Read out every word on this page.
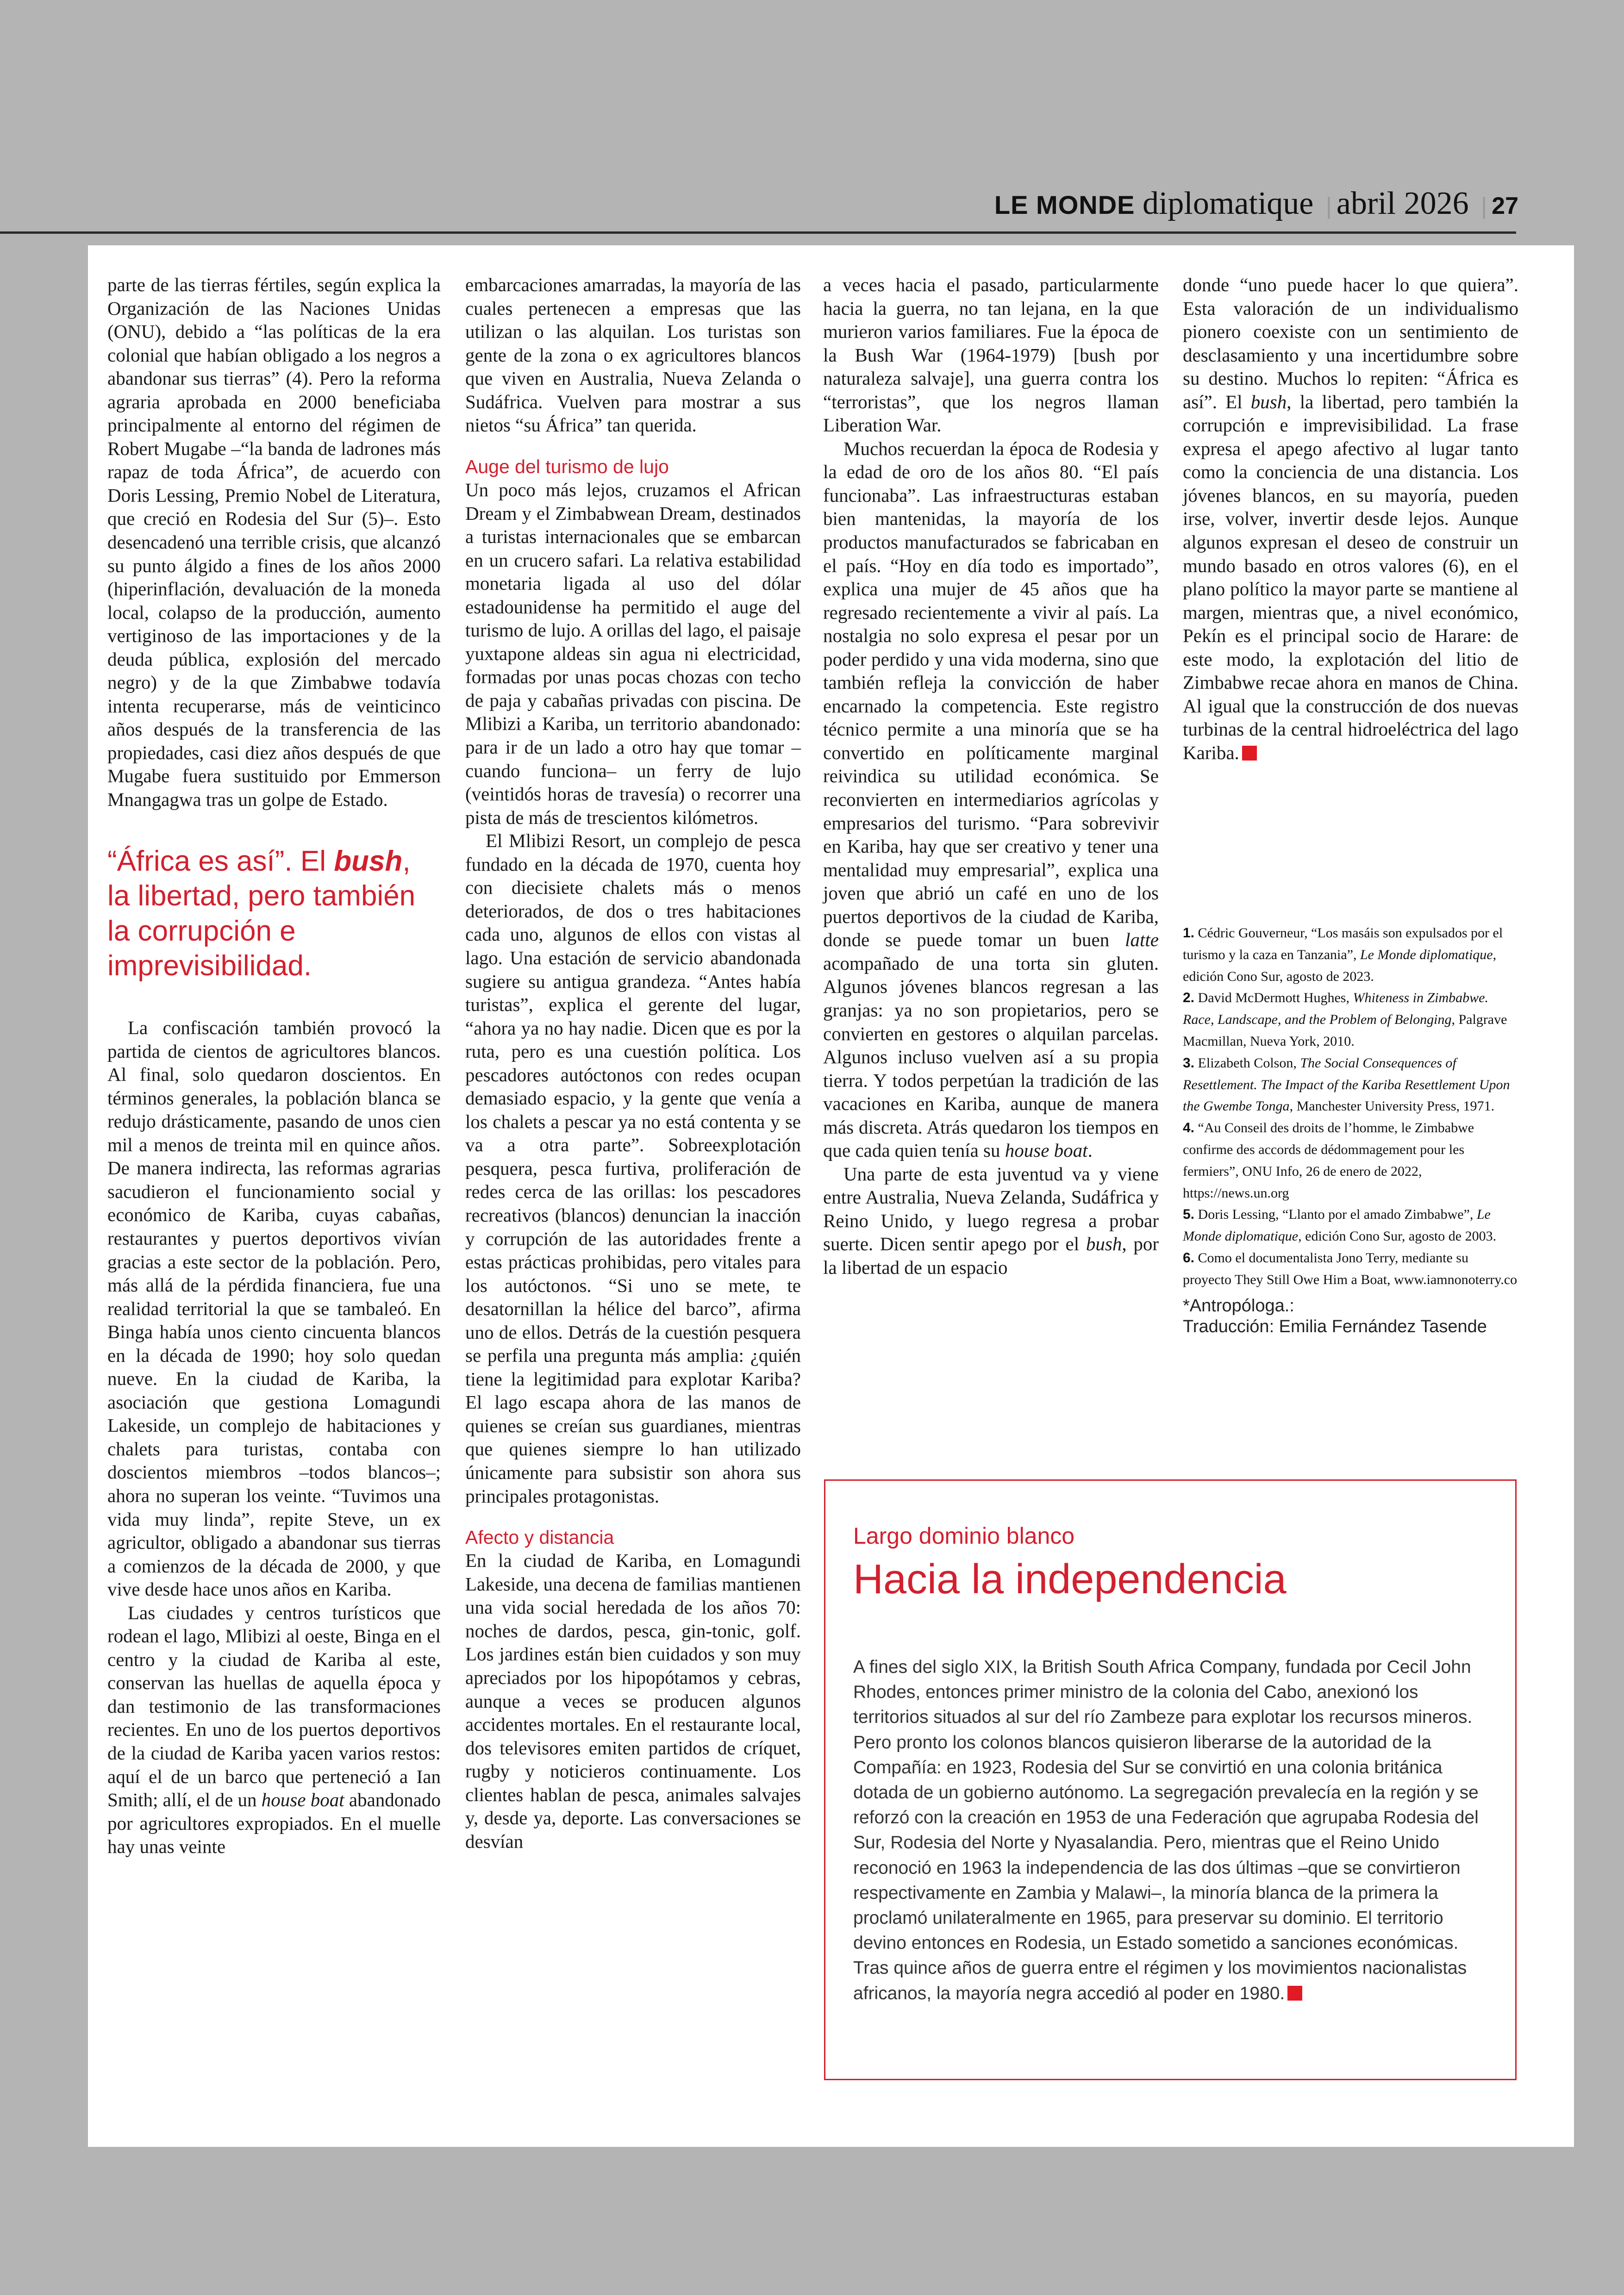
LE MONDE diplomatique | abril 2026 | 27

parte de las tierras fértiles, según explica la Organización de las Naciones Unidas (ONU), debido a “las políticas de la era colonial que habían obligado a los negros a abandonar sus tierras” (4). Pero la reforma agraria aprobada en 2000 beneficiaba principalmente al entorno del régimen de Robert Mugabe –“la banda de ladrones más rapaz de toda África”, de acuerdo con Doris Lessing, Premio Nobel de Literatura, que creció en Rodesia del Sur (5)–. Esto desencadenó una terrible crisis, que alcanzó su punto álgido a fines de los años 2000 (hiperinflación, devaluación de la moneda local, colapso de la producción, aumento vertiginoso de las importaciones y de la deuda pública, explosión del mercado negro) y de la que Zimbabwe todavía intenta recuperarse, más de veinticinco años después de la transferencia de las propiedades, casi diez años después de que Mugabe fuera sustituido por Emmerson Mnangagwa tras un golpe de Estado.

“África es así”. El bush, la libertad, pero también la corrupción e imprevisibilidad.

La confiscación también provocó la partida de cientos de agricultores blancos. Al final, solo quedaron doscientos. En términos generales, la población blanca se redujo drásticamente, pasando de unos cien mil a menos de treinta mil en quince años. De manera indirecta, las reformas agrarias sacudieron el funcionamiento social y económico de Kariba, cuyas cabañas, restaurantes y puertos deportivos vivían gracias a este sector de la población. Pero, más allá de la pérdida financiera, fue una realidad territorial la que se tambaleó. En Binga había unos ciento cincuenta blancos en la década de 1990; hoy solo quedan nueve. En la ciudad de Kariba, la asociación que gestiona Lomagundi Lakeside, un complejo de habitaciones y chalets para turistas, contaba con doscientos miembros –todos blancos–; ahora no superan los veinte. “Tuvimos una vida muy linda”, repite Steve, un ex agricultor, obligado a abandonar sus tierras a comienzos de la década de 2000, y que vive desde hace unos años en Kariba.

Las ciudades y centros turísticos que rodean el lago, Mlibizi al oeste, Binga en el centro y la ciudad de Kariba al este, conservan las huellas de aquella época y dan testimonio de las transformaciones recientes. En uno de los puertos deportivos de la ciudad de Kariba yacen varios restos: aquí el de un barco que perteneció a Ian Smith; allí, el de un house boat abandonado por agricultores expropiados. En el muelle hay unas veinte

embarcaciones amarradas, la mayoría de las cuales pertenecen a empresas que las utilizan o las alquilan. Los turistas son gente de la zona o ex agricultores blancos que viven en Australia, Nueva Zelanda o Sudáfrica. Vuelven para mostrar a sus nietos “su África” tan querida.

Auge del turismo de lujo

Un poco más lejos, cruzamos el African Dream y el Zimbabwean Dream, destinados a turistas internacionales que se embarcan en un crucero safari. La relativa estabilidad monetaria ligada al uso del dólar estadounidense ha permitido el auge del turismo de lujo. A orillas del lago, el paisaje yuxtapone aldeas sin agua ni electricidad, formadas por unas pocas chozas con techo de paja y cabañas privadas con piscina. De Mlibizi a Kariba, un territorio abandonado: para ir de un lado a otro hay que tomar –cuando funciona– un ferry de lujo (veintidós horas de travesía) o recorrer una pista de más de trescientos kilómetros.

El Mlibizi Resort, un complejo de pesca fundado en la década de 1970, cuenta hoy con diecisiete chalets más o menos deteriorados, de dos o tres habitaciones cada uno, algunos de ellos con vistas al lago. Una estación de servicio abandonada sugiere su antigua grandeza. “Antes había turistas”, explica el gerente del lugar, “ahora ya no hay nadie. Dicen que es por la ruta, pero es una cuestión política. Los pescadores autóctonos con redes ocupan demasiado espacio, y la gente que venía a los chalets a pescar ya no está contenta y se va a otra parte”. Sobreexplotación pesquera, pesca furtiva, proliferación de redes cerca de las orillas: los pescadores recreativos (blancos) denuncian la inacción y corrupción de las autoridades frente a estas prácticas prohibidas, pero vitales para los autóctonos. “Si uno se mete, te desatornillan la hélice del barco”, afirma uno de ellos. Detrás de la cuestión pesquera se perfila una pregunta más amplia: ¿quién tiene la legitimidad para explotar Kariba? El lago escapa ahora de las manos de quienes se creían sus guardianes, mientras que quienes siempre lo han utilizado únicamente para subsistir son ahora sus principales protagonistas.

Afecto y distancia

En la ciudad de Kariba, en Lomagundi Lakeside, una decena de familias mantienen una vida social heredada de los años 70: noches de dardos, pesca, gin-tonic, golf. Los jardines están bien cuidados y son muy apreciados por los hipopótamos y cebras, aunque a veces se producen algunos accidentes mortales. En el restaurante local, dos televisores emiten partidos de críquet, rugby y noticieros continuamente. Los clientes hablan de pesca, animales salvajes y, desde ya, deporte. Las conversaciones se desvían

a veces hacia el pasado, particularmente hacia la guerra, no tan lejana, en la que murieron varios familiares. Fue la época de la Bush War (1964-1979) [bush por naturaleza salvaje], una guerra contra los “terroristas”, que los negros llaman Liberation War.

Muchos recuerdan la época de Rodesia y la edad de oro de los años 80. “El país funcionaba”. Las infraestructuras estaban bien mantenidas, la mayoría de los productos manufacturados se fabricaban en el país. “Hoy en día todo es importado”, explica una mujer de 45 años que ha regresado recientemente a vivir al país. La nostalgia no solo expresa el pesar por un poder perdido y una vida moderna, sino que también refleja la convicción de haber encarnado la competencia. Este registro técnico permite a una minoría que se ha convertido en políticamente marginal reivindica su utilidad económica. Se reconvierten en intermediarios agrícolas y empresarios del turismo. “Para sobrevivir en Kariba, hay que ser creativo y tener una mentalidad muy empresarial”, explica una joven que abrió un café en uno de los puertos deportivos de la ciudad de Kariba, donde se puede tomar un buen latte acompañado de una torta sin gluten. Algunos jóvenes blancos regresan a las granjas: ya no son propietarios, pero se convierten en gestores o alquilan parcelas. Algunos incluso vuelven así a su propia tierra. Y todos perpetúan la tradición de las vacaciones en Kariba, aunque de manera más discreta. Atrás quedaron los tiempos en que cada quien tenía su house boat.

Una parte de esta juventud va y viene entre Australia, Nueva Zelanda, Sudáfrica y Reino Unido, y luego regresa a probar suerte. Dicen sentir apego por el bush, por la libertad de un espacio

donde “uno puede hacer lo que quiera”. Esta valoración de un individualismo pionero coexiste con un sentimiento de desclasamiento y una incertidumbre sobre su destino. Muchos lo repiten: “África es así”. El bush, la libertad, pero también la corrupción e imprevisibilidad. La frase expresa el apego afectivo al lugar tanto como la conciencia de una distancia. Los jóvenes blancos, en su mayoría, pueden irse, volver, invertir desde lejos. Aunque algunos expresan el deseo de construir un mundo basado en otros valores (6), en el plano político la mayor parte se mantiene al margen, mientras que, a nivel económico, Pekín es el principal socio de Harare: de este modo, la explotación del litio de Zimbabwe recae ahora en manos de China. Al igual que la construcción de dos nuevas turbinas de la central hidroeléctrica del lago Kariba.

1. Cédric Gouverneur, “Los masáis son expulsados por el turismo y la caza en Tanzania”, Le Monde diplomatique, edición Cono Sur, agosto de 2023.

2. David McDermott Hughes, Whiteness in Zimbabwe. Race, Landscape, and the Problem of Belonging, Palgrave Macmillan, Nueva York, 2010.

3. Elizabeth Colson, The Social Consequences of Resettlement. The Impact of the Kariba Resettlement Upon the Gwembe Tonga, Manchester University Press, 1971.

4. “Au Conseil des droits de l’homme, le Zimbabwe confirme des accords de dédommagement pour les fermiers”, ONU Info, 26 de enero de 2022, https://news.un.org

5. Doris Lessing, “Llanto por el amado Zimbabwe”, Le Monde diplomatique, edición Cono Sur, agosto de 2003.

6. Como el documentalista Jono Terry, mediante su proyecto They Still Owe Him a Boat, www.iamnonoterry.co

*Antropóloga.:
Traducción: Emilia Fernández Tasende
Largo dominio blanco
Hacia la independencia
A fines del siglo XIX, la British South Africa Company, fundada por Cecil John Rhodes, entonces primer ministro de la colonia del Cabo, anexionó los territorios situados al sur del río Zambeze para explotar los recursos mineros. Pero pronto los colonos blancos quisieron liberarse de la autoridad de la Compañía: en 1923, Rodesia del Sur se convirtió en una colonia británica dotada de un gobierno autónomo. La segregación prevalecía en la región y se reforzó con la creación en 1953 de una Federación que agrupaba Rodesia del Sur, Rodesia del Norte y Nyasalandia. Pero, mientras que el Reino Unido reconoció en 1963 la independencia de las dos últimas –que se convirtieron respectivamente en Zambia y Malawi–, la minoría blanca de la primera la proclamó unilateralmente en 1965, para preservar su dominio. El territorio devino entonces en Rodesia, un Estado sometido a sanciones económicas. Tras quince años de guerra entre el régimen y los movimientos nacionalistas africanos, la mayoría negra accedió al poder en 1980.
